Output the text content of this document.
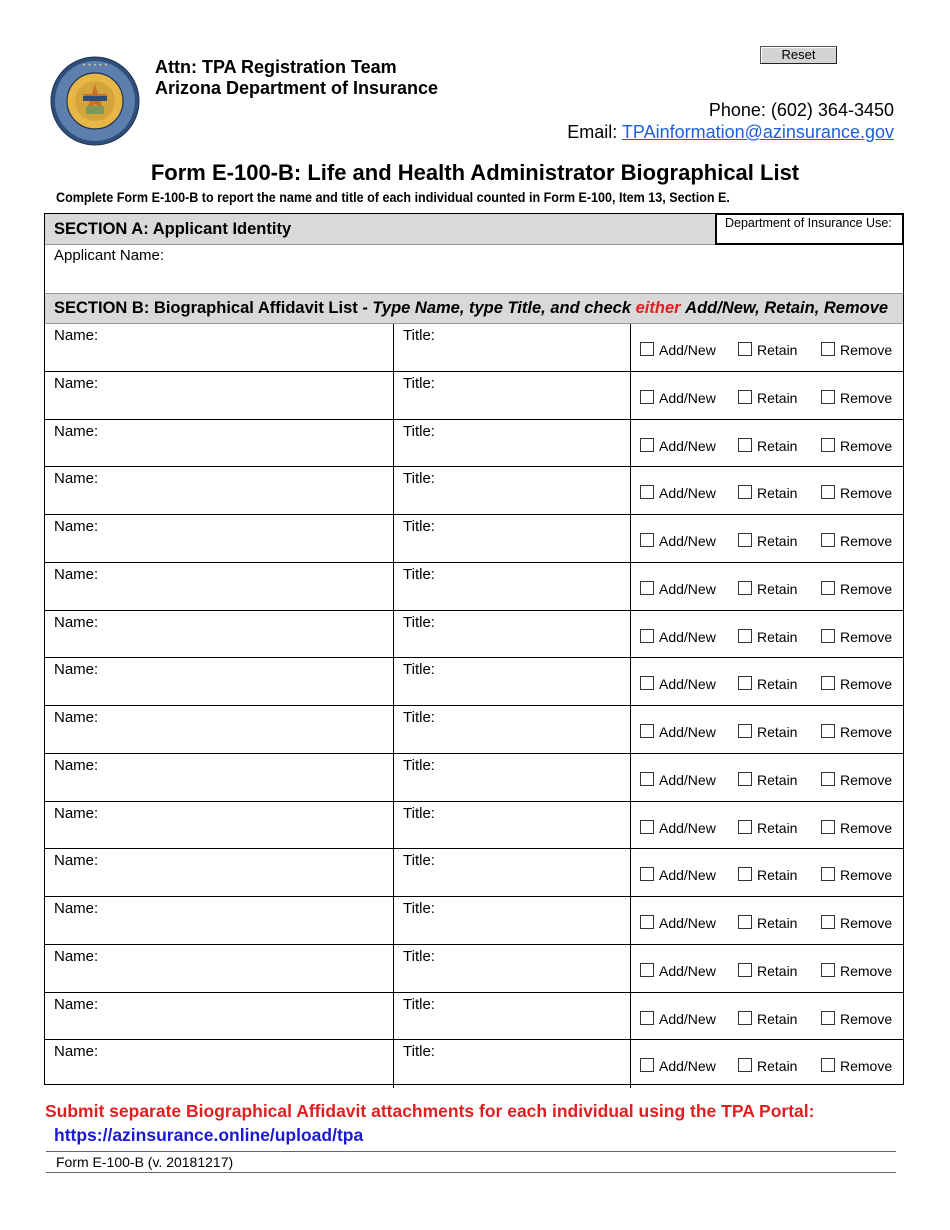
• • • • •	Attn: TPA Registration Team
Arizona Department of Insurance
Reset
Phone: (602) 364-3450
Email: TPAinformation@azinsurance.gov
Form E-100-B: Life and Health Administrator Biographical List
Complete Form E-100-B to report the name and title of each individual counted in Form E-100, Item 13, Section E.
SECTION A: Applicant Identity	Department of Insurance Use:
Applicant Name:
SECTION B: Biographical Affidavit List - Type Name, type Title, and check either Add/New, Retain, Remove
Name:	Title:
Add/New	Retain	Remove
Name:	Title:
Add/New	Retain	Remove
Name:	Title:
Add/New	Retain	Remove
Name:	Title:
Add/New	Retain	Remove
Name:	Title:
Add/New	Retain	Remove
Name:	Title:
Add/New	Retain	Remove
Name:	Title:
Add/New	Retain	Remove
Name:	Title:
Add/New	Retain	Remove
Name:	Title:
Add/New	Retain	Remove
Name:	Title:
Add/New	Retain	Remove
Name:	Title:
Add/New	Retain	Remove
Name:	Title:
Add/New	Retain	Remove
Name:	Title:
Add/New	Retain	Remove
Name:	Title:
Add/New	Retain	Remove
Name:	Title:
Add/New	Retain	Remove
Name:	Title:
Add/New	Retain	Remove
Submit separate Biographical Affidavit attachments for each individual using the TPA Portal:
https://azinsurance.online/upload/tpa
Form E-100-B (v. 20181217)
